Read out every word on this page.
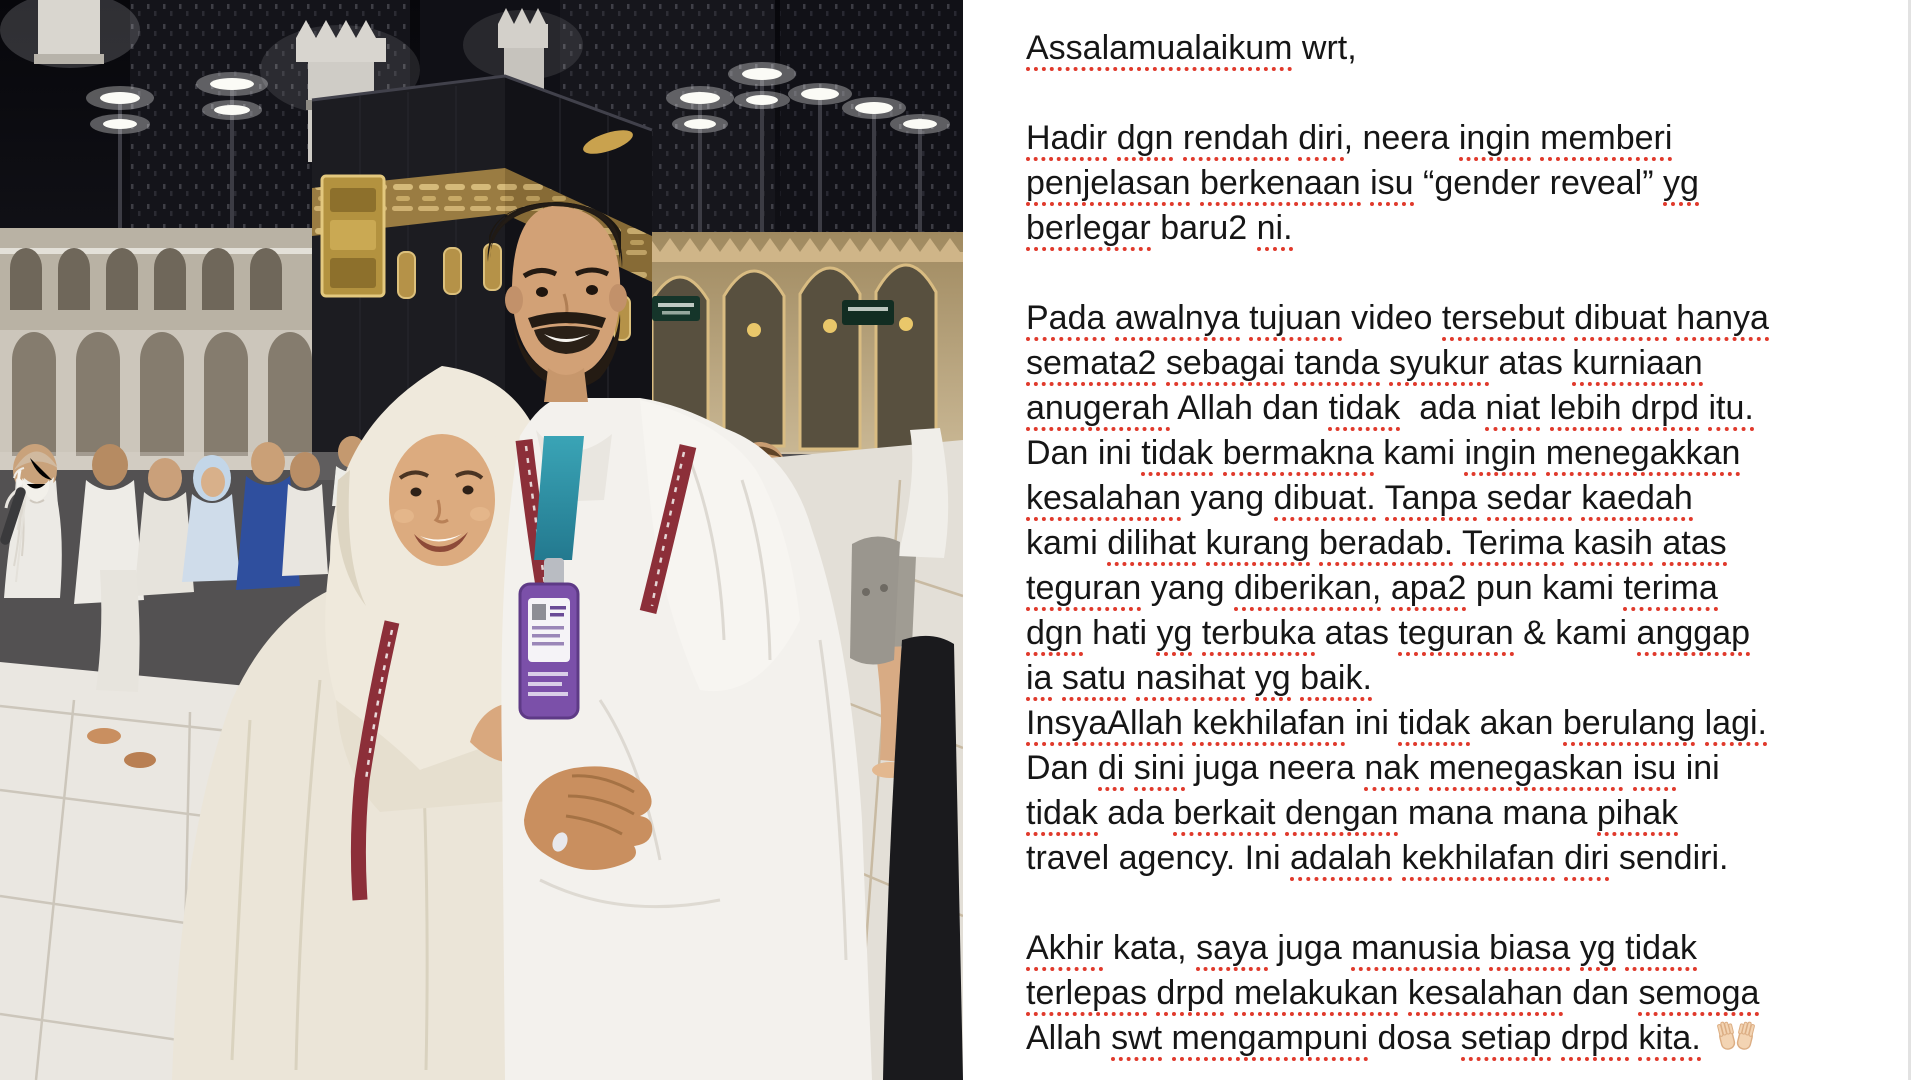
Assalamualaikum wrt,
Hadir dgn rendah diri, neera ingin memberi
penjelasan berkenaan isu “gender reveal” yg
berlegar baru2 ni.
Pada awalnya tujuan video tersebut dibuat hanya
semata2 sebagai tanda syukur atas kurniaan
anugerah Allah dan tidak  ada niat lebih drpd itu.
Dan ini tidak bermakna kami ingin menegakkan
kesalahan yang dibuat. Tanpa sedar kaedah
kami dilihat kurang beradab. Terima kasih atas
teguran yang diberikan, apa2 pun kami terima
dgn hati yg terbuka atas teguran & kami anggap
ia satu nasihat yg baik.
InsyaAllah kekhilafan ini tidak akan berulang lagi.
Dan di sini juga neera nak menegaskan isu ini
tidak ada berkait dengan mana mana pihak
travel agency. Ini adalah kekhilafan diri sendiri.
Akhir kata, saya juga manusia biasa yg tidak
terlepas drpd melakukan kesalahan dan semoga
Allah swt mengampuni dosa setiap drpd kita.
